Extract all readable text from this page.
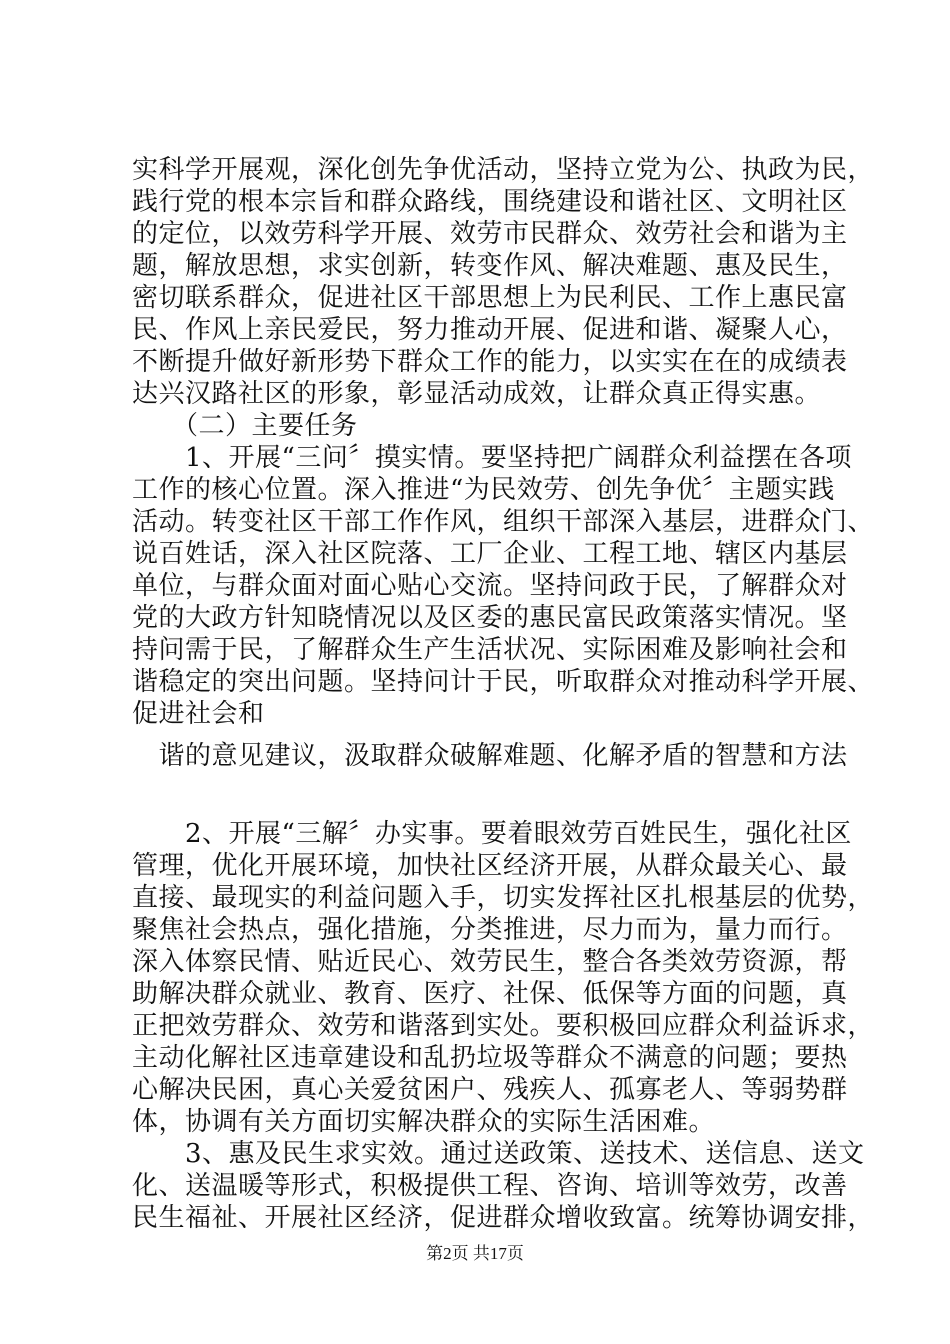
实科学开展观，深化创先争优活动，坚持立党为公、执政为民，
践行党的根本宗旨和群众路线，围绕建设和谐社区、文明社区
的定位，以效劳科学开展、效劳市民群众、效劳社会和谐为主
题，解放思想，求实创新，转变作风、解决难题、惠及民生，
密切联系群众，促进社区干部思想上为民利民、工作上惠民富
民、作风上亲民爱民，努力推动开展、促进和谐、凝聚人心，
不断提升做好新形势下群众工作的能力，以实实在在的成绩表
达兴汉路社区的形象，彰显活动成效，让群众真正得实惠。
　　（二）主要任务
　　1、开展“三问〞摸实情。要坚持把广阔群众利益摆在各项
工作的核心位置。深入推进“为民效劳、创先争优〞主题实践
活动。转变社区干部工作作风，组织干部深入基层，进群众门、
说百姓话，深入社区院落、工厂企业、工程工地、辖区内基层
单位，与群众面对面心贴心交流。坚持问政于民，了解群众对
党的大政方针知晓情况以及区委的惠民富民政策落实情况。坚
持问需于民，了解群众生产生活状况、实际困难及影响社会和
谐稳定的突出问题。坚持问计于民，听取群众对推动科学开展、
促进社会和
　谐的意见建议，汲取群众破解难题、化解矛盾的智慧和方法
　　2、开展“三解〞办实事。要着眼效劳百姓民生，强化社区
管理，优化开展环境，加快社区经济开展，从群众最关心、最
直接、最现实的利益问题入手，切实发挥社区扎根基层的优势，
聚焦社会热点，强化措施，分类推进，尽力而为，量力而行。
深入体察民情、贴近民心、效劳民生，整合各类效劳资源，帮
助解决群众就业、教育、医疗、社保、低保等方面的问题，真
正把效劳群众、效劳和谐落到实处。要积极回应群众利益诉求，
主动化解社区违章建设和乱扔垃圾等群众不满意的问题；要热
心解决民困，真心关爱贫困户、残疾人、孤寡老人、等弱势群
体，协调有关方面切实解决群众的实际生活困难。
　　3、惠及民生求实效。通过送政策、送技术、送信息、送文
化、送温暖等形式，积极提供工程、咨询、培训等效劳，改善
民生福祉、开展社区经济，促进群众增收致富。统筹协调安排，
第2页 共17页
